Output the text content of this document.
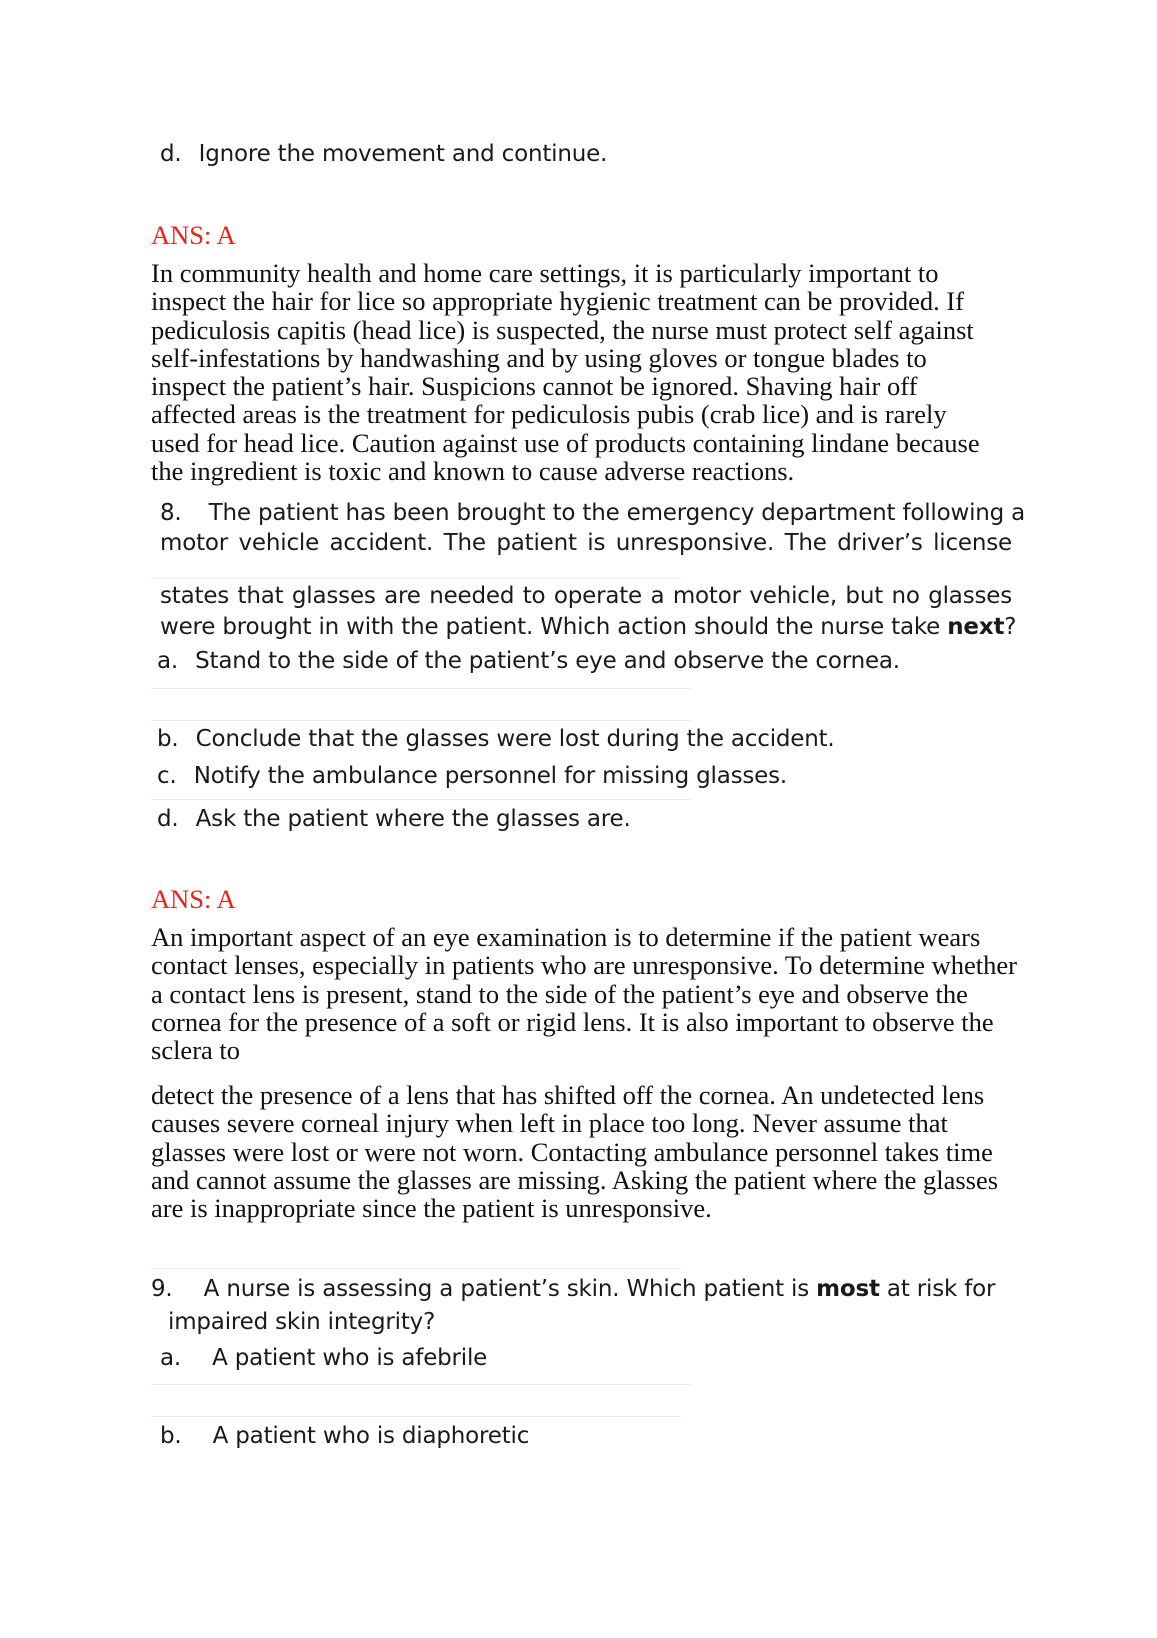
d. Ignore the movement and continue.
ANS: A

In community health and home care settings, it is particularly important to inspect the hair for lice so appropriate hygienic treatment can be provided. If pediculosis capitis (head lice) is suspected, the nurse must protect self against self-infestations by handwashing and by using gloves or tongue blades to inspect the patient’s hair. Suspicions cannot be ignored. Shaving hair off affected areas is the treatment for pediculosis pubis (crab lice) and is rarely used for head lice. Caution against use of products containing lindane because the ingredient is toxic and known to cause adverse reactions.

8. The patient has been brought to the emergency department following a
motor vehicle accident. The patient is unresponsive. The driver’s license
states that glasses are needed to operate a motor vehicle, but no glasses
were brought in with the patient. Which action should the nurse take next?
a. Stand to the side of the patient’s eye and observe the cornea.
b. Conclude that the glasses were lost during the accident.
c. Notify the ambulance personnel for missing glasses.
d. Ask the patient where the glasses are.
ANS: A

An important aspect of an eye examination is to determine if the patient wears contact lenses, especially in patients who are unresponsive. To determine whether a contact lens is present, stand to the side of the patient’s eye and observe the cornea for the presence of a soft or rigid lens. It is also important to observe the sclera to

detect the presence of a lens that has shifted off the cornea. An undetected lens causes severe corneal injury when left in place too long. Never assume that glasses were lost or were not worn. Contacting ambulance personnel takes time and cannot assume the glasses are missing. Asking the patient where the glasses are is inappropriate since the patient is unresponsive.

9. A nurse is assessing a patient’s skin. Which patient is most at risk for
impaired skin integrity?
a. A patient who is afebrile
b. A patient who is diaphoretic
